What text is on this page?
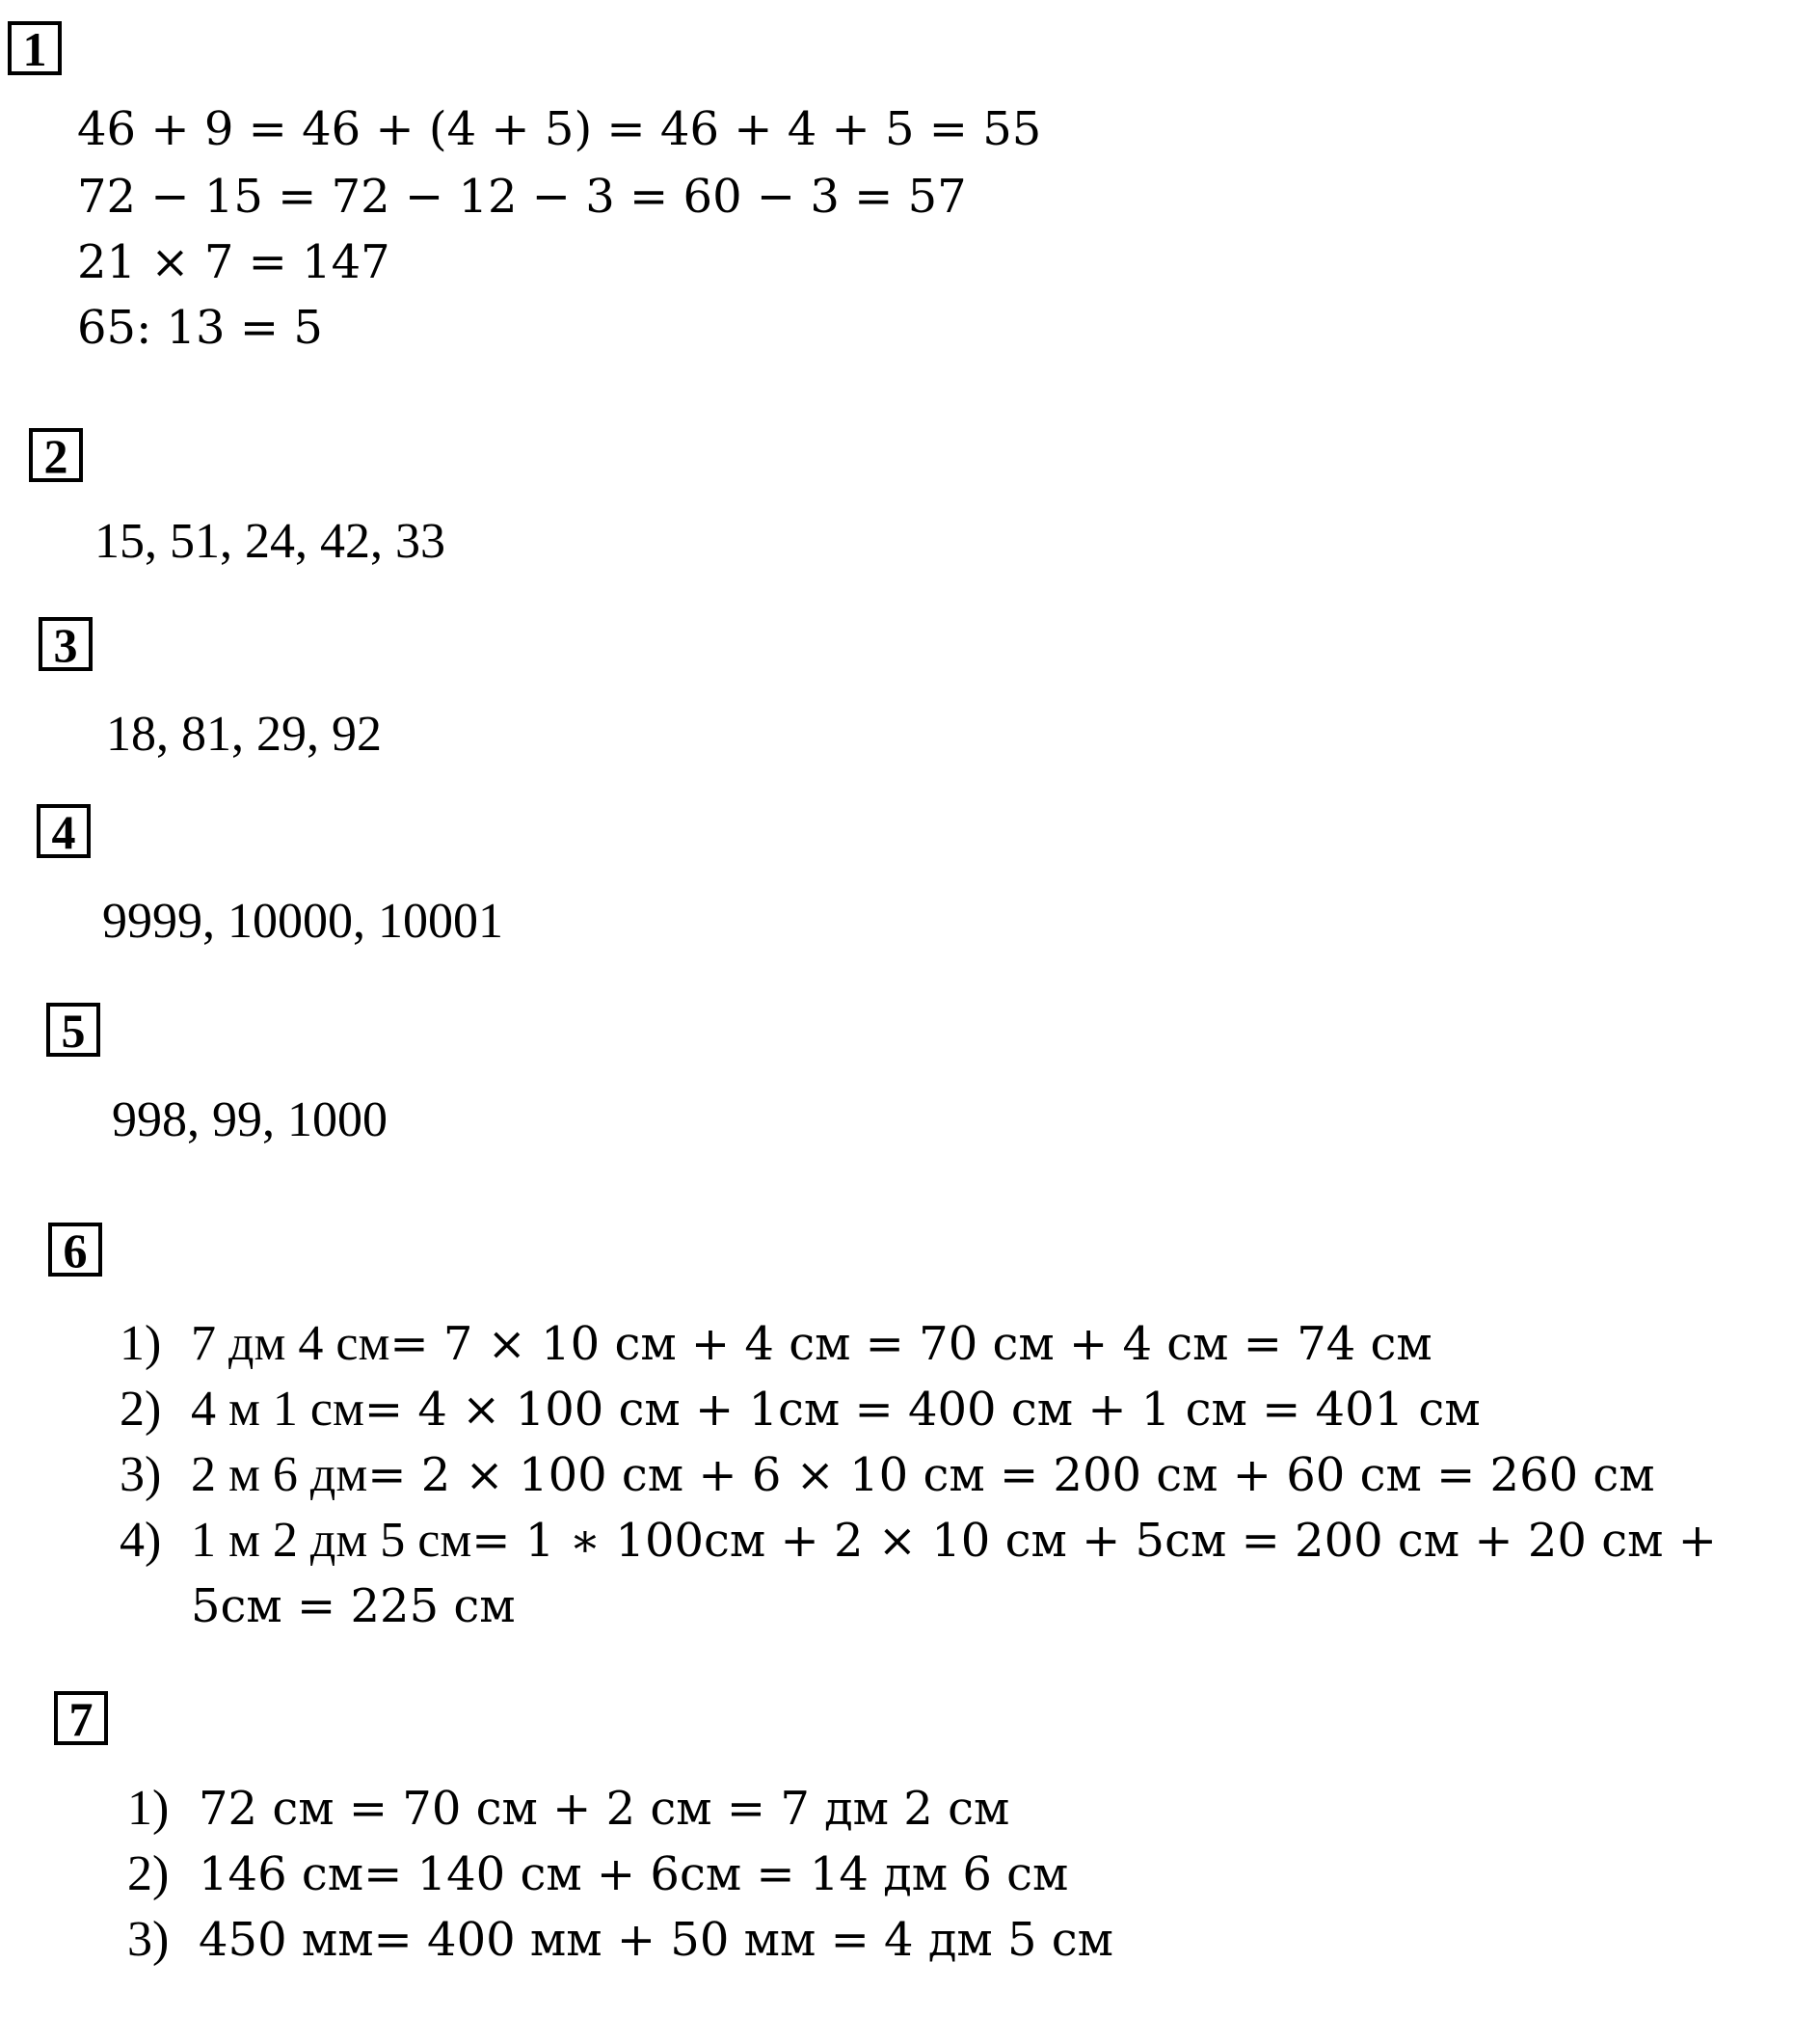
1
46 + 9 = 46 + (4 + 5) = 46 + 4 + 5 = 55
72 − 15 = 72 − 12 − 3 = 60 − 3 = 57
21 × 7 = 147
65: 13 = 5
2
15, 51, 24, 42, 33
3
18, 81, 29, 92
4
9999, 10000, 10001
5
998, 99, 1000
6
1) 7 дм 4 см= 7 × 10 см + 4 см = 70 см + 4 см = 74 см
2) 4 м 1 см= 4 × 100 см + 1см = 400 см + 1 см = 401 см
3) 2 м 6 дм= 2 × 100 см + 6 × 10 см = 200 см + 60 см = 260 см
4) 1 м 2 дм 5 см= 1 ∗ 100см + 2 × 10 см + 5см = 200 см + 20 см +
5см = 225 см
7
1) 72 см = 70 см + 2 см = 7 дм 2 см
2) 146 см= 140 см + 6см = 14 дм 6 см
3) 450 мм= 400 мм + 50 мм = 4 дм 5 см
